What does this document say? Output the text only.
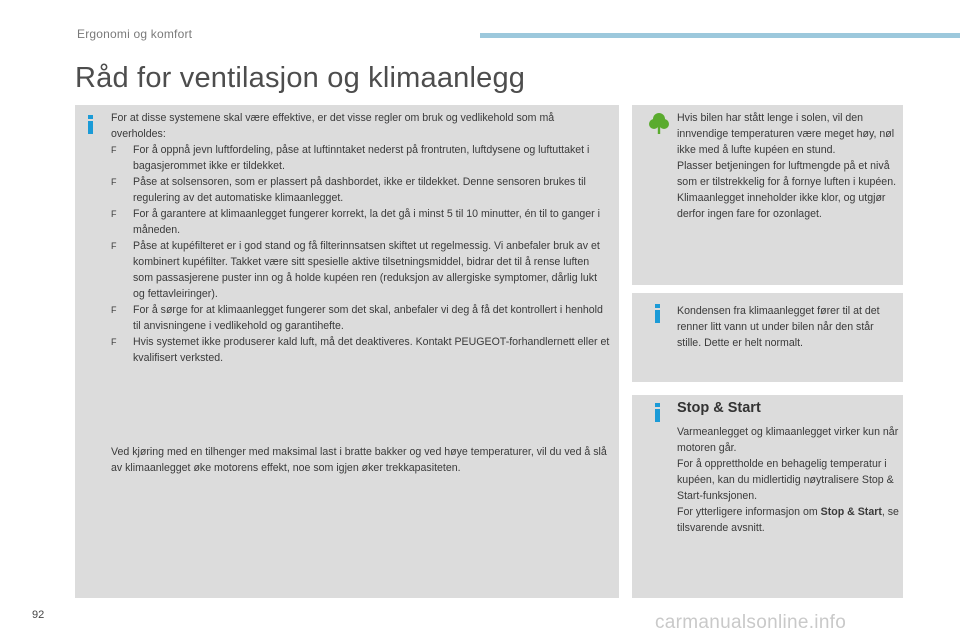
Ergonomi og komfort
Råd for ventilasjon og klimaanlegg

For at disse systemene skal være effektive, er det visse regler om bruk og vedlikehold som må overholdes:

F For å oppnå jevn luftfordeling, påse at luftinntaket nederst på frontruten, luftdysene og luftuttaket i bagasjerommet ikke er tildekket.
F Påse at solsensoren, som er plassert på dashbordet, ikke er tildekket. Denne sensoren brukes til regulering av det automatiske klimaanlegget.
F For å garantere at klimaanlegget fungerer korrekt, la det gå i minst 5 til 10 minutter, én til to ganger i måneden.
F Påse at kupéfilteret er i god stand og få filterinnsatsen skiftet ut regelmessig. Vi anbefaler bruk av et kombinert kupéfilter. Takket være sitt spesielle aktive tilsetningsmiddel, bidrar det til å rense luften som passasjerene puster inn og å holde kupéen ren (reduksjon av allergiske symptomer, dårlig lukt og fettavleiringer).
F For å sørge for at klimaanlegget fungerer som det skal, anbefaler vi deg å få det kontrollert i henhold til anvisningene i vedlikehold og garantihefte.
F Hvis systemet ikke produserer kald luft, må det deaktiveres. Kontakt PEUGEOT-forhandlernett eller et kvalifisert verksted.

Ved kjøring med en tilhenger med maksimal last i bratte bakker og ved høye temperaturer, vil du ved å slå av klimaanlegget øke motorens effekt, noe som igjen øker trekkapasiteten.

Hvis bilen har stått lenge i solen, vil den innvendige temperaturen være meget høy, nøl ikke med å lufte kupéen en stund.

Plasser betjeningen for luftmengde på et nivå som er tilstrekkelig for å fornye luften i kupéen.

Klimaanlegget inneholder ikke klor, og utgjør derfor ingen fare for ozonlaget.

Kondensen fra klimaanlegget fører til at det renner litt vann ut under bilen når den står stille. Dette er helt normalt.

Stop & Start

Varmeanlegget og klimaanlegget virker kun når motoren går.

For å opprettholde en behagelig temperatur i kupéen, kan du midlertidig nøytralisere Stop & Start-funksjonen.

For ytterligere informasjon om Stop & Start, se tilsvarende avsnitt.

92	carmanualsonline.info
